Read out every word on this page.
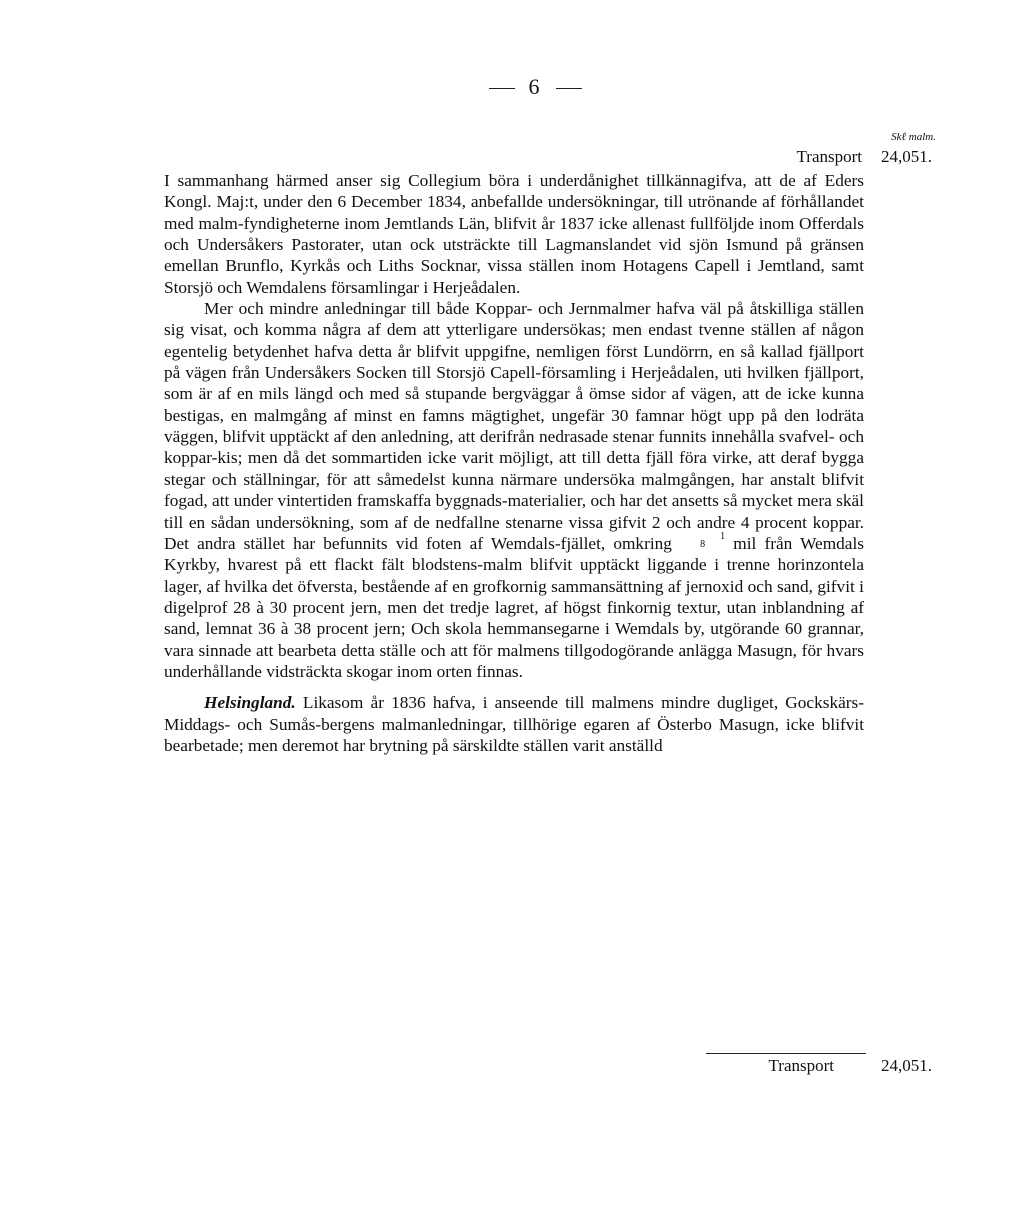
6
Skℓ malm.
Transport	24,051.

I sammanhang härmed anser sig Collegium böra i underdånighet tillkännagifva, att de af Eders Kongl. Maj:t, under den 6 December 1834, anbefallde undersökningar, till utrönande af förhållandet med malm-fyndigheterne inom Jemtlands Län, blifvit år 1837 icke allenast fullföljde inom Offerdals och Undersåkers Pastorater, utan ock utsträckte till Lagmanslandet vid sjön Ismund på gränsen emellan Brunflo, Kyrkås och Liths Socknar, vissa ställen inom Hotagens Capell i Jemtland, samt Storsjö och Wemdalens församlingar i Herjeådalen.

Mer och mindre anledningar till både Koppar- och Jernmalmer hafva väl på åtskilliga ställen sig visat, och komma några af dem att ytterligare undersökas; men endast tvenne ställen af någon egentelig betydenhet hafva detta år blifvit uppgifne, nemligen först Lundörrn, en så kallad fjällport på vägen från Undersåkers Socken till Storsjö Capell-församling i Herjeådalen, uti hvilken fjällport, som är af en mils längd och med så stupande bergväggar å ömse sidor af vägen, att de icke kunna bestigas, en malmgång af minst en famns mägtighet, ungefär 30 famnar högt upp på den lodräta väggen, blifvit upptäckt af den anledning, att derifrån nedrasade stenar funnits innehålla svafvel- och koppar-kis; men då det sommartiden icke varit möjligt, att till detta fjäll föra virke, att deraf bygga stegar och ställningar, för att såmedelst kunna närmare undersöka malmgången, har anstalt blifvit fogad, att under vintertiden framskaffa byggnads-materialier, och har det ansetts så mycket mera skäl till en sådan undersökning, som af de nedfallne stenarne vissa gifvit 2 och andre 4 procent koppar. Det andra stället har befunnits vid foten af Wemdals-fjället, omkring	1
8 mil från Wemdals Kyrkby, hvarest på ett flackt fält blodstens-malm blifvit upptäckt liggande i trenne horinzontela lager, af hvilka det öfversta, bestående af en grofkornig sammansättning af jernoxid och sand, gifvit i digelprof 28 à 30 procent jern, men det tredje lagret, af högst finkornig textur, utan inblandning af sand, lemnat 36 à 38 procent jern; Och skola hemmansegarne i Wemdals by, utgörande 60 grannar, vara sinnade att bearbeta detta ställe och att för malmens tillgodogörande anlägga Masugn, för hvars underhållande vidsträckta skogar inom orten finnas.

Helsingland. Likasom år 1836 hafva, i anseende till malmens mindre dugliget, Gockskärs- Middags- och Sumås-bergens malmanledningar, tillhörige egaren af Österbo Masugn, icke blifvit bearbetade; men deremot har brytning på särskildte ställen varit anställd

Transport	24,051.
